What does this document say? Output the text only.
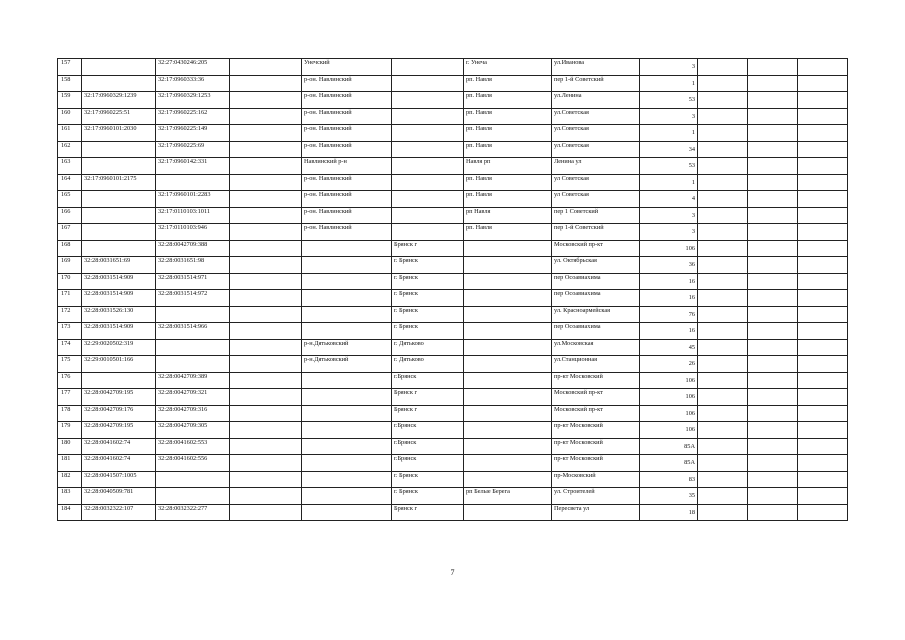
157		32:27:0430246:205		Унечский		г. Унеча	ул.Иванова	3			
158		32:17:0960333:36		р-он. Навлинский		рп. Навля	пер 1-й Советский	1			
159	32:17:0960329:1239	32:17:0960329:1253		р-он. Навлинский		рп. Навля	ул.Ленина	53			
160	32:17:0960225:51	32:17:0960225:162		р-он. Навлинский		рп. Навля	ул.Советская	3			
161	32:17:0960101:2030	32:17:0960225:149		р-он. Навлинский		рп. Навля	ул.Советская	1			
162		32:17:0960225:69		р-он. Навлинский		рп. Навля	ул.Советская	34			
163		32:17:0960142:331		Навлинский р-н		Навля рп	Ленина ул	53			
164	32:17:0960101:2175			р-он. Навлинский		рп. Навля	ул Советская	1			
165		32:17:0960101:2283		р-он. Навлинский		рп. Навля	ул Советская	4			
166		32:17:0110103:1011		р-он. Навлинский		рп Навля	пер 1 Советский	3			
167		32:17:0110103:946		р-он. Навлинский		рп. Навля	пер 1-й Советский	3			
168		32:28:0042709:388			Брянск г		Московский пр-кт	106			
169	32:28:0031651:69	32:28:0031651:98			г. Брянск		ул. Октябрьская	36			
170	32:28:0031514:909	32:28:0031514:971			г. Брянск		пер Осоавиахима	16			
171	32:28:0031514:909	32:28:0031514:972			г. Брянск		пер Осоавиахима	16			
172	32:28:0031526:130				г. Брянск		ул. Красноармейская	76			
173	32:28:0031514:909	32:28:0031514:966			г. Брянск		пер Осоавиахима	16			
174	32:29:0020502:319			р-н.Дятьковский	г. Дятьково		ул.Московская	45			
175	32:29:0010501:166			р-н.Дятьковский	г. Дятьково		ул.Станционная	26			
176		32:28:0042709:389			г.Брянск		пр-кт Московский	106			
177	32:28:0042709:195	32:28:0042709:321			Брянск г		Московский пр-кт	106			
178	32:28:0042709:176	32:28:0042709:316			Брянск г		Московский пр-кт	106			
179	32:28:0042709:195	32:28:0042709:305			г.Брянск		пр-кт Московский	106			
180	32:28:0041602:74	32:28:0041602:553			г.Брянск		пр-кт Московский	85А			
181	32:28:0041602:74	32:28:0041602:556			г.Брянск		пр-кт Московский	85А			
182	32:28:0041507:1005				г. Брянск		пр-Московский	83			
183	32:28:0040509:781				г. Брянск	рп Белые Берега	ул. Строителей	35			
184	32:28:0032322:107	32:28:0032322:277			Брянск г		Пересвета ул	18			
7
